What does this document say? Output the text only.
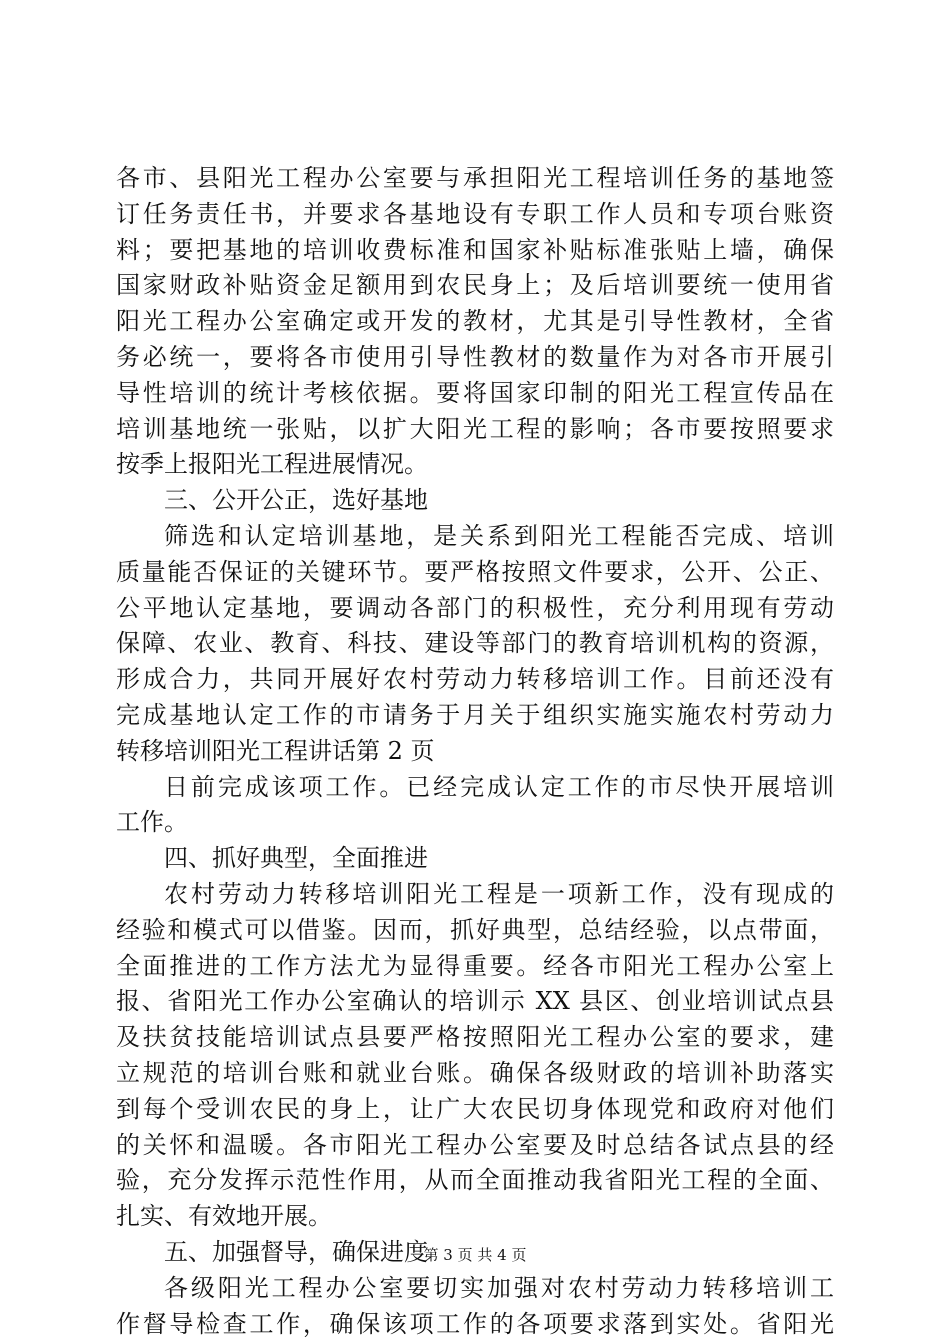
各市、县阳光工程办公室要与承担阳光工程培训任务的基地签
订任务责任书，并要求各基地设有专职工作人员和专项台账资
料；要把基地的培训收费标准和国家补贴标准张贴上墙，确保
国家财政补贴资金足额用到农民身上；及后培训要统一使用省
阳光工程办公室确定或开发的教材，尤其是引导性教材，全省
务必统一，要将各市使用引导性教材的数量作为对各市开展引
导性培训的统计考核依据。要将国家印制的阳光工程宣传品在
培训基地统一张贴，以扩大阳光工程的影响；各市要按照要求
按季上报阳光工程进展情况。
三、公开公正，选好基地
筛选和认定培训基地，是关系到阳光工程能否完成、培训
质量能否保证的关键环节。要严格按照文件要求，公开、公正、
公平地认定基地，要调动各部门的积极性，充分利用现有劳动
保障、农业、教育、科技、建设等部门的教育培训机构的资源，
形成合力，共同开展好农村劳动力转移培训工作。目前还没有
完成基地认定工作的市请务于月关于组织实施实施农村劳动力
转移培训阳光工程讲话第 2 页
日前完成该项工作。已经完成认定工作的市尽快开展培训
工作。
四、抓好典型，全面推进
农村劳动力转移培训阳光工程是一项新工作，没有现成的
经验和模式可以借鉴。因而，抓好典型，总结经验，以点带面，
全面推进的工作方法尤为显得重要。经各市阳光工程办公室上
报、省阳光工作办公室确认的培训示 XX 县区、创业培训试点县
及扶贫技能培训试点县要严格按照阳光工程办公室的要求，建
立规范的培训台账和就业台账。确保各级财政的培训补助落实
到每个受训农民的身上，让广大农民切身体现党和政府对他们
的关怀和温暖。各市阳光工程办公室要及时总结各试点县的经
验，充分发挥示范性作用，从而全面推动我省阳光工程的全面、
扎实、有效地开展。
五、加强督导，确保进度
各级阳光工程办公室要切实加强对农村劳动力转移培训工
作督导检查工作，确保该项工作的各项要求落到实处。省阳光
第 3 页 共 4 页
